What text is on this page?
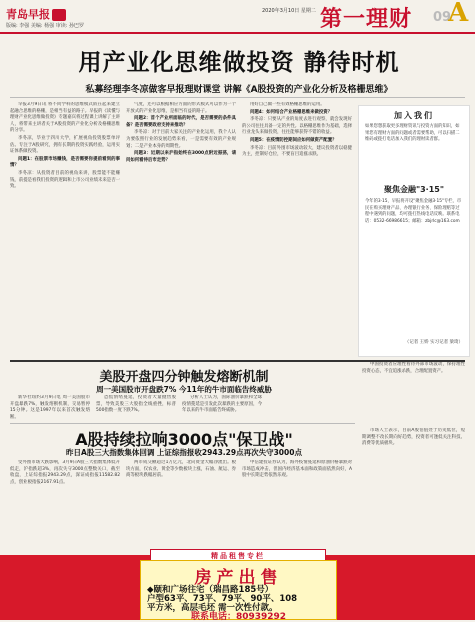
青岛早报
版编: 李强 美编: 杨强 审读: 孙巴罗
2020年3月10日 星期二 第一理财 09
A
用产业化思维做投资 静待时机
私募经理李冬凉做客早报理财课堂 讲解《A股投资的产业化分析及格栅思维》

早报3月9日讯 将不同学科的思维模式嵌在起来建立起融合思维的格栅，是相当有益的路子。早报的《读懂与理财产业化思维做投资》专题嘉宾将过程课上讲解了主讲人，将带来主讲者关于A股投资的产业化分析及格栅思维的分享。

李冬凉，毕业于四川大学，扩展视角投资股票单评估。专注于A股研究，拥有长期的投资实践经验，运用实证体系做投资。

问题1：在股票市场赚钱，是否需要你提前看到的事情？

李冬凉：从投资者目前的视角来讲，股票能不能赚钱，前提是看我们投资的逻辑和上市公司业绩未来是否一致。

气度，还可以根据相应方面的形式模式可以作为一个开放式的产业化思维，是相当有益的路子。

问题2：首个产业所面临的时代，是否需要的条件具备？是否需要政府支持来推动？

李冬凉：对于目前大家关注的产业化运用，我个人认为要依照行业的发展趋势来看，一是需要有效的产业规划；二是产业本身的周期性。

问题3：近期以来沪指始终在3000点附近振荡，请问如何看待后市走势？

用好自己做一些有效格栅思维的运用。

问题4：如何结合产业格栅思维来做投资？

李冬凉：只要从产业的角度去进行观察，就会发现好的公司往往具备一定的共性。以格栅思维作为基础，选择行业龙头来做投资，往往能够获得不错的收益。

问题5：在疫情防控期间应如何做资产配置？

李冬凉：目前外围市场波动较大，建议投资者以稳健为主，控制好仓位，不要盲目追涨杀跌。

加入我们
如果您想获取更多理财资讯与投资方面的知识，如果您有理财方面的问题或者需要帮助，可以扫描二维码或拨打电话加入我们的理财读者群。
聚焦金融"3·15"
今年的3·15，早报将开设"聚焦金融3·15"专栏，市民在购买理财产品、办理银行业务、保险理赔等过程中遇到的问题，均可拨打热线电话反映。联系电话：0532-66986615；邮箱：zbjrlc@163.com
（记者 王娇 实习记者 梁琦）
美股开盘四分钟触发熔断机制
周一美国股市开盘跌7% 今11年的牛市面临告终威胁

新华社纽约3月9日电 周一美国股市开盘暴跌7%，触发熔断机制，交易暂停15分钟。这是1997年以来首次触发熔断。

恐慌情绪蔓延，投资者大量抛售股票，导致美股三大股指全线重挫，标普500指数一度下跌7%。

分析人士认为，国际油价暴跌和全球疫情蔓延是引发此次暴跌的主要原因，今年以来的牛市面临告终威胁。

中国投资者应理性看待外部市场波动，保持理性投资心态，不宜追涨杀跌，合理配置资产。

A股持续拉响3000点"保卫战"
昨日A股三大指数集体回调 上证综指报收2943.29点再次失守3000点

受外围市场大跌影响，3月9日A股三大指数集体低开低走，沪指跌超3%，再次失守3000点整数关口，截至收盘，上证综指报2943.29点，深证成指报11582.82点，创业板指报2167.91点。

两市成交额超过1万亿元，北向资金大幅净流出。板块方面，仅农业、黄金等少数板块上涨，石油、航运、券商等板块跌幅居前。

中信建投证券认为，海外疫情蔓延和原油价格暴跌对市场造成冲击，但国内经济基本面和政策面依然向好，A股中长期走势依然乐观。

市场人士表示，目前A股估值处于历史低位，短期调整不改长期向好趋势，投资者可逢低关注科技、消费等优质板块。

精品租售专栏
房产出售
◆颐和广场往宅（瑞昌路185号）
户型63平、73平、79平、90平、108
平方米，高层毛坯 需一次性付款。
联系电话：80939292
